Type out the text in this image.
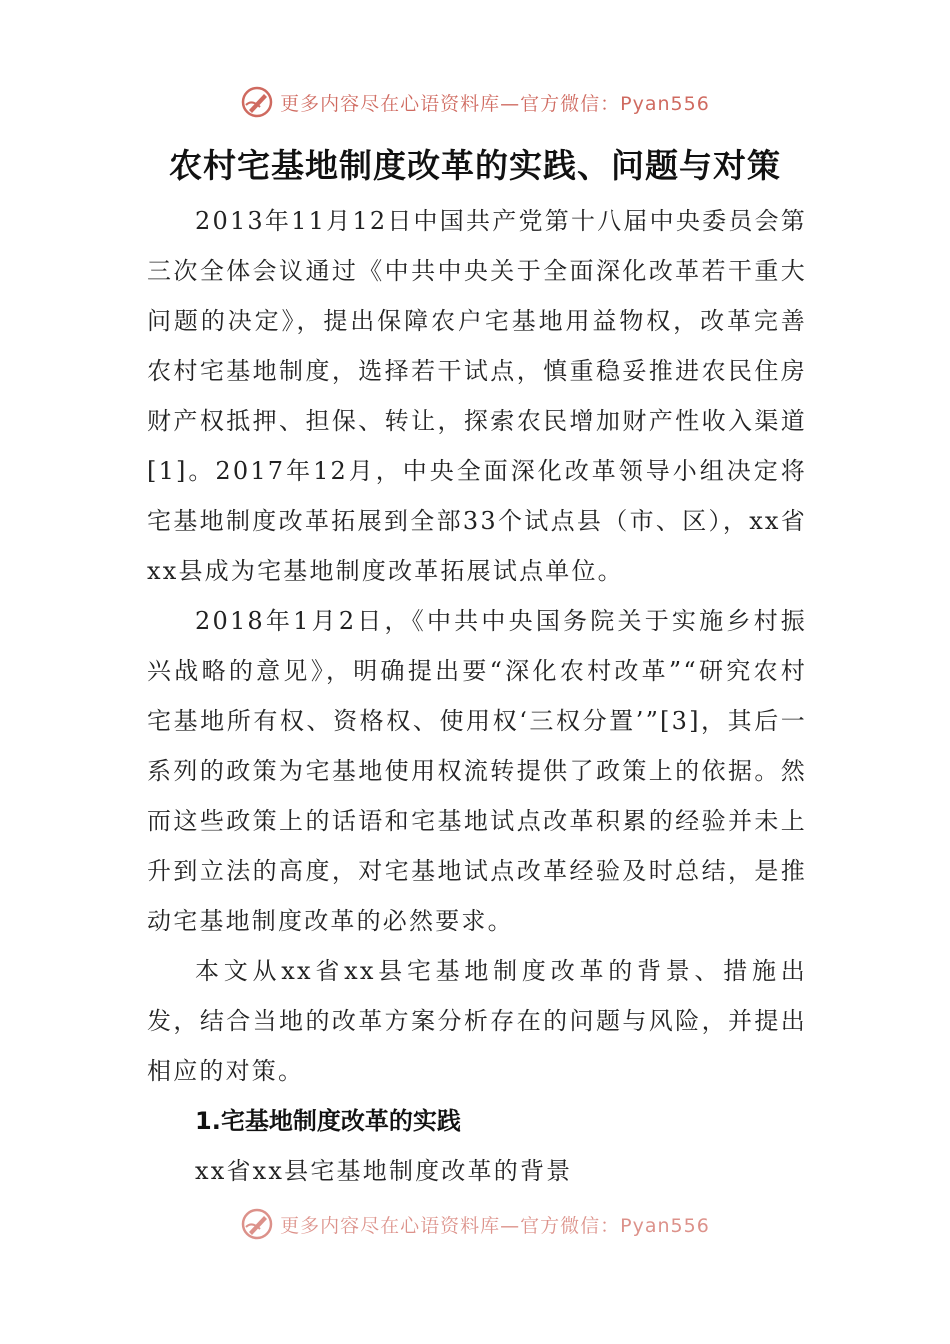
更多内容尽在心语资料库—官方微信：Pyan556
农村宅基地制度改革的实践、问题与对策

2013年11月12日中国共产党第十八届中央委员会第三次全体会议通过《中共中央关于全面深化改革若干重大问题的决定》，提出保障农户宅基地用益物权，改革完善农村宅基地制度，选择若干试点，慎重稳妥推进农民住房财产权抵押、担保、转让，探索农民增加财产性收入渠道[1]。2017年12月，中央全面深化改革领导小组决定将宅基地制度改革拓展到全部33个试点县（市、区），xx省xx县成为宅基地制度改革拓展试点单位。

2018年1月2日，《中共中央国务院关于实施乡村振兴战略的意见》，明确提出要“深化农村改革”“研究农村宅基地所有权、资格权、使用权‘三权分置’”[3]，其后一系列的政策为宅基地使用权流转提供了政策上的依据。然而这些政策上的话语和宅基地试点改革积累的经验并未上升到立法的高度，对宅基地试点改革经验及时总结，是推动宅基地制度改革的必然要求。

本文从xx省xx县宅基地制度改革的背景、措施出发，结合当地的改革方案分析存在的问题与风险，并提出相应的对策。

1.宅基地制度改革的实践

xx省xx县宅基地制度改革的背景

更多内容尽在心语资料库—官方微信：Pyan556
